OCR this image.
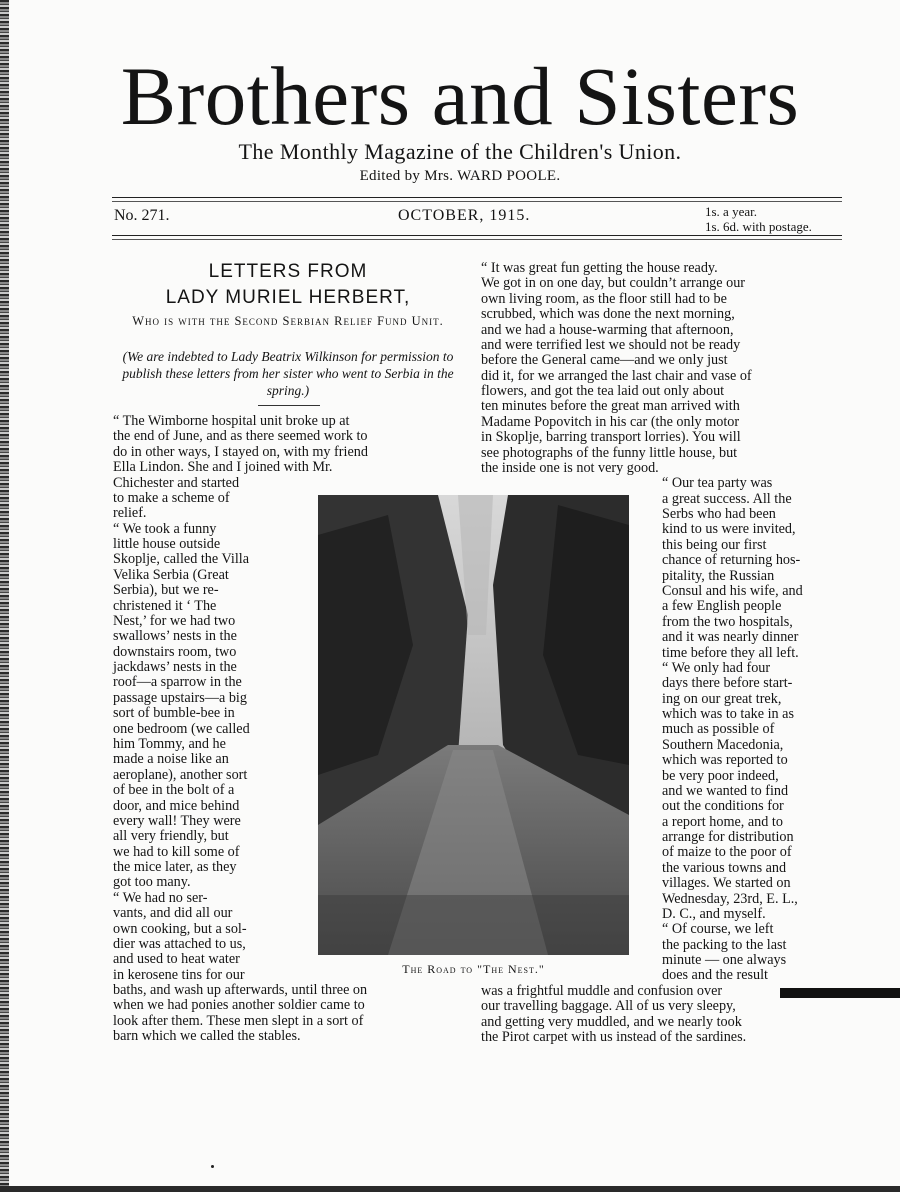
Brothers and Sisters
The Monthly Magazine of the Children's Union.
Edited by Mrs. WARD POOLE.
No. 271.	OCTOBER, 1915.	1s. a year.
1s. 6d. with postage.
LETTERS FROM
LADY MURIEL HERBERT,
Who is with the Second Serbian Relief Fund Unit.
(We are indebted to Lady Beatrix Wilkinson for permission to publish these letters from her sister who went to Serbia in the spring.)
“ The Wimborne hospital unit broke up at
the end of June, and as there seemed work to
do in other ways, I stayed on, with my friend
Ella Lindon. She and I joined with Mr.
Chichester and started
to make a scheme of
relief.
“ We took a funny
little house outside
Skoplje, called the Villa
Velika Serbia (Great
Serbia), but we re-
christened it ‘ The
Nest,’ for we had two
swallows’ nests in the
downstairs room, two
jackdaws’ nests in the
roof—a sparrow in the
passage upstairs—a big
sort of bumble-bee in
one bedroom (we called
him Tommy, and he
made a noise like an
aeroplane), another sort
of bee in the bolt of a
door, and mice behind
every wall! They were
all very friendly, but
we had to kill some of
the mice later, as they
got too many.
“ We had no ser-
vants, and did all our
own cooking, but a sol-
dier was attached to us,
and used to heat water
in kerosene tins for our
baths, and wash up afterwards, until three on
when we had ponies another soldier came to
look after them. These men slept in a sort of
barn which we called the stables.
“ It was great fun getting the house ready.
We got in on one day, but couldn’t arrange our
own living room, as the floor still had to be
scrubbed, which was done the next morning,
and we had a house-warming that afternoon,
and were terrified lest we should not be ready
before the General came—and we only just
did it, for we arranged the last chair and vase of
flowers, and got the tea laid out only about
ten minutes before the great man arrived with
Madame Popovitch in his car (the only motor
in Skoplje, barring transport lorries). You will
see photographs of the funny little house, but
the inside one is not very good.
“ Our tea party was
a great success. All the
Serbs who had been
kind to us were invited,
this being our first
chance of returning hos-
pitality, the Russian
Consul and his wife, and
a few English people
from the two hospitals,
and it was nearly dinner
time before they all left.
“ We only had four
days there before start-
ing on our great trek,
which was to take in as
much as possible of
Southern Macedonia,
which was reported to
be very poor indeed,
and we wanted to find
out the conditions for
a report home, and to
arrange for distribution
of maize to the poor of
the various towns and
villages. We started on
Wednesday, 23rd, E. L.,
D. C., and myself.
“ Of course, we left
the packing to the last
minute — one always
does and the result
was a frightful muddle and confusion over
our travelling baggage. All of us very sleepy,
and getting very muddled, and we nearly took
the Pirot carpet with us instead of the sardines.
The Road to "The Nest."
